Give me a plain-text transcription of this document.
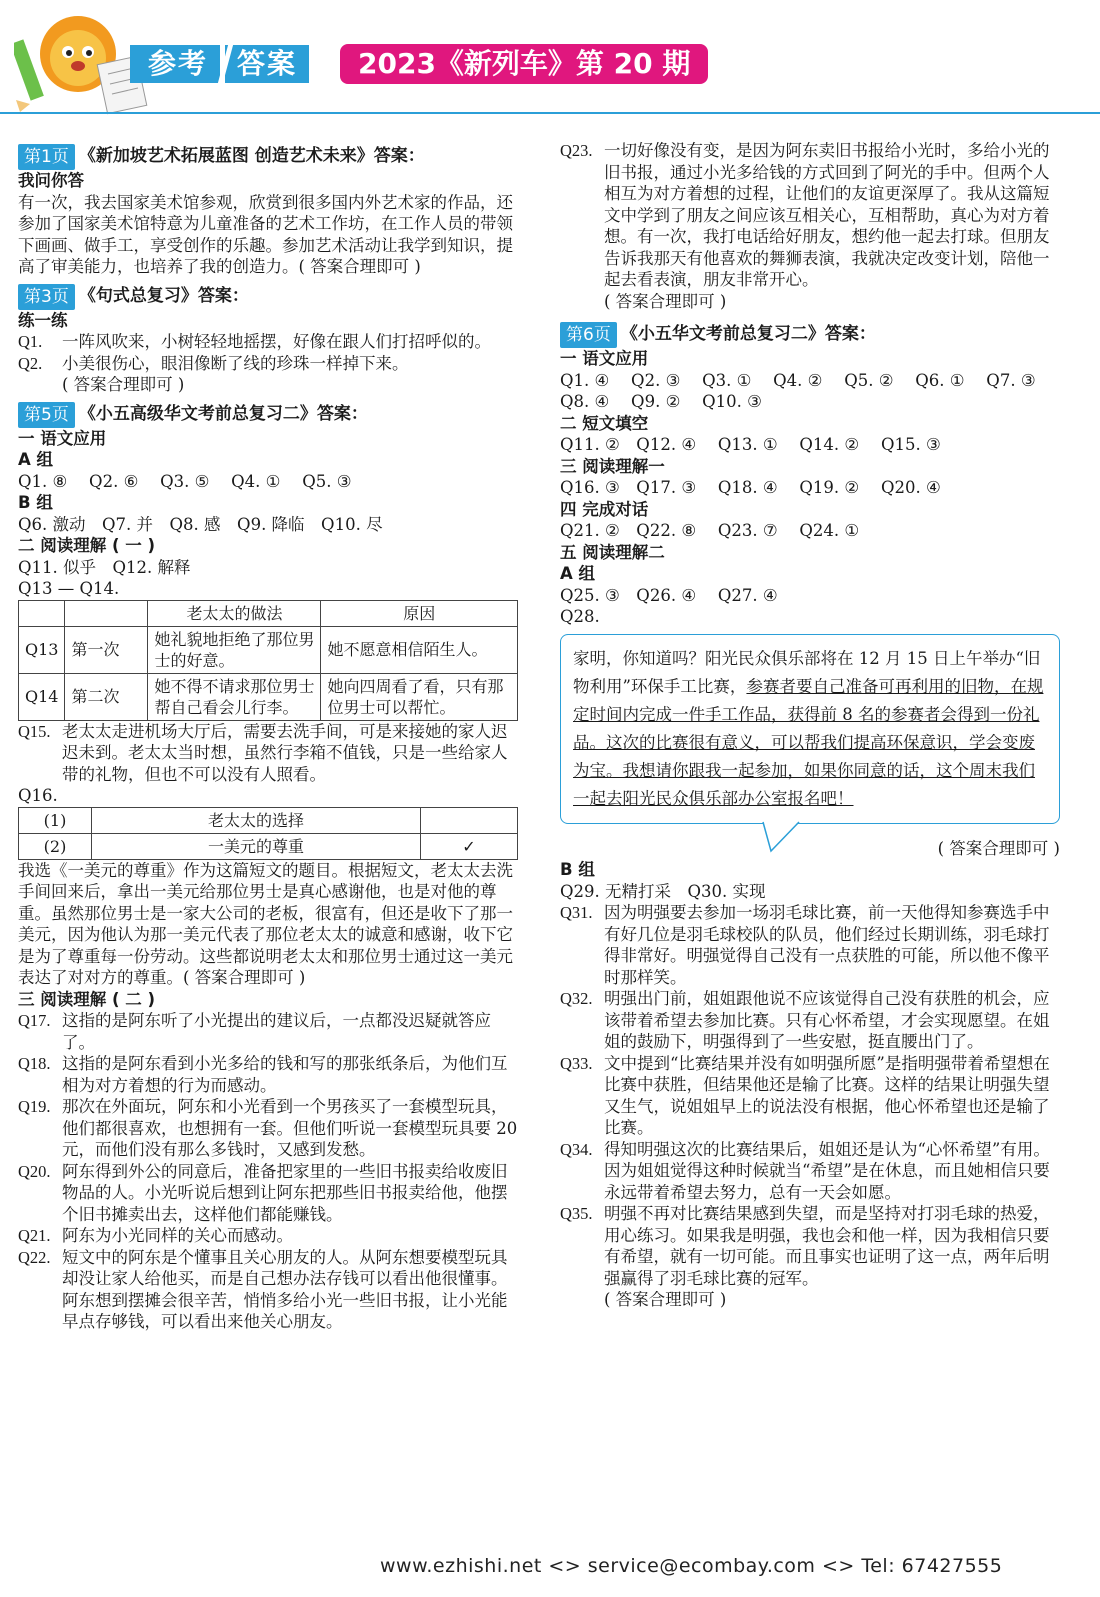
参考	答案	2023《新列车》第 20 期
第1页 《新加坡艺术拓展蓝图 创造艺术未来》答案：
我问你答

有一次，我去国家美术馆参观，欣赏到很多国内外艺术家的作品，还参加了国家美术馆特意为儿童准备的艺术工作坊，在工作人员的带领下画画、做手工，享受创作的乐趣。参加艺术活动让我学到知识，提高了审美能力，也培养了我的创造力。( 答案合理即可 )

第3页 《句式总复习》答案：
练一练
Q1.	一阵风吹来，小树轻轻地摇摆，好像在跟人们打招呼似的。
Q2.	小美很伤心，眼泪像断了线的珍珠一样掉下来。

( 答案合理即可 )

第5页 《小五高级华文考前总复习二》答案：
一 语文应用
A 组

Q1. ⑧　 Q2. ⑥　 Q3. ⑤　 Q4. ①　 Q5. ③

B 组

Q6. 激动　Q7. 并　Q8. 感　Q9. 降临　Q10. 尽

二 阅读理解 ( 一 )

Q11. 似乎　Q12. 解释

Q13 — Q14.

		老太太的做法	原因
Q13	第一次	她礼貌地拒绝了那位男士的好意。	她不愿意相信陌生人。
Q14	第二次	她不得不请求那位男士帮自己看会儿行李。	她向四周看了看，只有那位男士可以帮忙。
Q15. 老太太走进机场大厅后，需要去洗手间，可是来接她的家人迟迟未到。老太太当时想，虽然行李箱不值钱，只是一些给家人带的礼物，但也不可以没有人照看。

Q16.

(1)	老太太的选择	
(2)	一美元的尊重	✓

我选《一美元的尊重》作为这篇短文的题目。根据短文，老太太去洗手间回来后，拿出一美元给那位男士是真心感谢他，也是对他的尊重。虽然那位男士是一家大公司的老板，很富有，但还是收下了那一美元，因为他认为那一美元代表了那位老太太的诚意和感谢，收下它是为了尊重每一份劳动。这些都说明老太太和那位男士通过这一美元表达了对对方的尊重。( 答案合理即可 )

三 阅读理解 ( 二 )
Q17. 这指的是阿东听了小光提出的建议后，一点都没迟疑就答应了。
Q18. 这指的是阿东看到小光多给的钱和写的那张纸条后，为他们互相为对方着想的行为而感动。
Q19. 那次在外面玩，阿东和小光看到一个男孩买了一套模型玩具，他们都很喜欢，也想拥有一套。但他们听说一套模型玩具要 20 元，而他们没有那么多钱时，又感到发愁。
Q20. 阿东得到外公的同意后，准备把家里的一些旧书报卖给收废旧物品的人。小光听说后想到让阿东把那些旧书报卖给他，他摆个旧书摊卖出去，这样他们都能赚钱。
Q21. 阿东为小光同样的关心而感动。
Q22. 短文中的阿东是个懂事且关心朋友的人。从阿东想要模型玩具却没让家人给他买，而是自己想办法存钱可以看出他很懂事。阿东想到摆摊会很辛苦，悄悄多给小光一些旧书报，让小光能早点存够钱，可以看出来他关心朋友。
Q23. 一切好像没有变，是因为阿东卖旧书报给小光时，多给小光的旧书报，通过小光多给钱的方式回到了阿光的手中。但两个人相互为对方着想的过程，让他们的友谊更深厚了。我从这篇短文中学到了朋友之间应该互相关心，互相帮助，真心为对方着想。有一次，我打电话给好朋友，想约他一起去打球。但朋友告诉我那天有他喜欢的舞狮表演，我就决定改变计划，陪他一起去看表演，朋友非常开心。

( 答案合理即可 )

第6页 《小五华文考前总复习二》答案：
一 语文应用

Q1. ④　 Q2. ③　 Q3. ①　 Q4. ②　 Q5. ②　 Q6. ①　 Q7. ③

Q8. ④　 Q9. ②　 Q10. ③

二 短文填空

Q11. ②　Q12. ④　 Q13. ①　 Q14. ②　 Q15. ③

三 阅读理解一

Q16. ③　Q17. ③　 Q18. ④　 Q19. ②　 Q20. ④

四 完成对话

Q21. ②　Q22. ⑧　 Q23. ⑦　 Q24. ①

五 阅读理解二
A 组

Q25. ③　Q26. ④　 Q27. ④

Q28.

家明，你知道吗？阳光民众俱乐部将在 12 月 15 日上午举办“旧物利用”环保手工比赛，参赛者要自己准备可再利用的旧物，在规定时间内完成一件手工作品，获得前 8 名的参赛者会得到一份礼品。这次的比赛很有意义，可以帮我们提高环保意识，学会变废为宝。我想请你跟我一起参加，如果你同意的话，这个周末我们一起去阳光民众俱乐部办公室报名吧！

( 答案合理即可 )

B 组

Q29. 无精打采　Q30. 实现

Q31. 因为明强要去参加一场羽毛球比赛，前一天他得知参赛选手中有好几位是羽毛球校队的队员，他们经过长期训练，羽毛球打得非常好。明强觉得自己没有一点获胜的可能，所以他不像平时那样笑。
Q32. 明强出门前，姐姐跟他说不应该觉得自己没有获胜的机会，应该带着希望去参加比赛。只有心怀希望，才会实现愿望。在姐姐的鼓励下，明强得到了一些安慰，挺直腰出门了。
Q33. 文中提到“比赛结果并没有如明强所愿”是指明强带着希望想在比赛中获胜，但结果他还是输了比赛。这样的结果让明强失望又生气，说姐姐早上的说法没有根据，他心怀希望也还是输了比赛。
Q34. 得知明强这次的比赛结果后，姐姐还是认为“心怀希望”有用。因为姐姐觉得这种时候就当“希望”是在休息，而且她相信只要永远带着希望去努力，总有一天会如愿。
Q35. 明强不再对比赛结果感到失望，而是坚持对打羽毛球的热爱，用心练习。如果我是明强，我也会和他一样，因为我相信只要有希望，就有一切可能。而且事实也证明了这一点，两年后明强赢得了羽毛球比赛的冠军。

( 答案合理即可 )

www.ezhishi.net <> service@ecombay.com <> Tel: 67427555
